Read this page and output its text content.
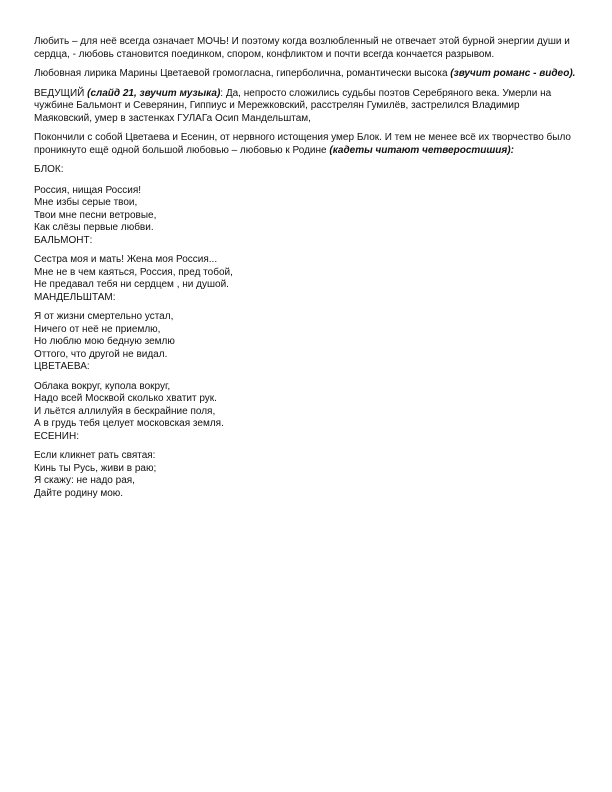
Любить – для неё всегда означает МОЧЬ! И поэтому когда возлюбленный не отвечает этой бурной энергии души и сердца, - любовь становится поединком, спором, конфликтом и почти всегда кончается разрывом.

Любовная лирика Марины Цветаевой громогласна, гиперболична, романтически высока (звучит романс - видео).

ВЕДУЩИЙ (слайд 21, звучит музыка): Да, непросто сложились судьбы поэтов Серебряного века. Умерли на чужбине Бальмонт и Северянин, Гиппиус и Мережковский, расстрелян Гумилёв, застрелился Владимир Маяковский, умер в застенках ГУЛАГа Осип Мандельштам,

Покончили с собой Цветаева и Есенин, от нервного истощения умер Блок. И тем не менее всё их творчество было проникнуто ещё одной большой любовью – любовью к Родине (кадеты читают четверостишия):

БЛОК:
Россия, нищая Россия!
Мне избы серые твои,
Твои мне песни ветровые,
Как слёзы первые любви.
БАЛЬМОНТ:
Сестра моя и мать! Жена моя Россия...
Мне не в чем каяться, Россия, пред тобой,
Не предавал тебя ни сердцем , ни душой.
МАНДЕЛЬШТАМ:
Я от жизни смертельно устал,
Ничего от неё не приемлю,
Но люблю мою бедную землю
Оттого, что другой не видал.
ЦВЕТАЕВА:
Облака вокруг, купола вокруг,
Надо всей Москвой сколько хватит рук.
И льётся аллилуйя в бескрайние поля,
А в грудь тебя целует московская земля.
ЕСЕНИН:
Если кликнет рать святая:
Кинь ты Русь, живи в раю;
Я скажу: не надо рая,
Дайте родину мою.
